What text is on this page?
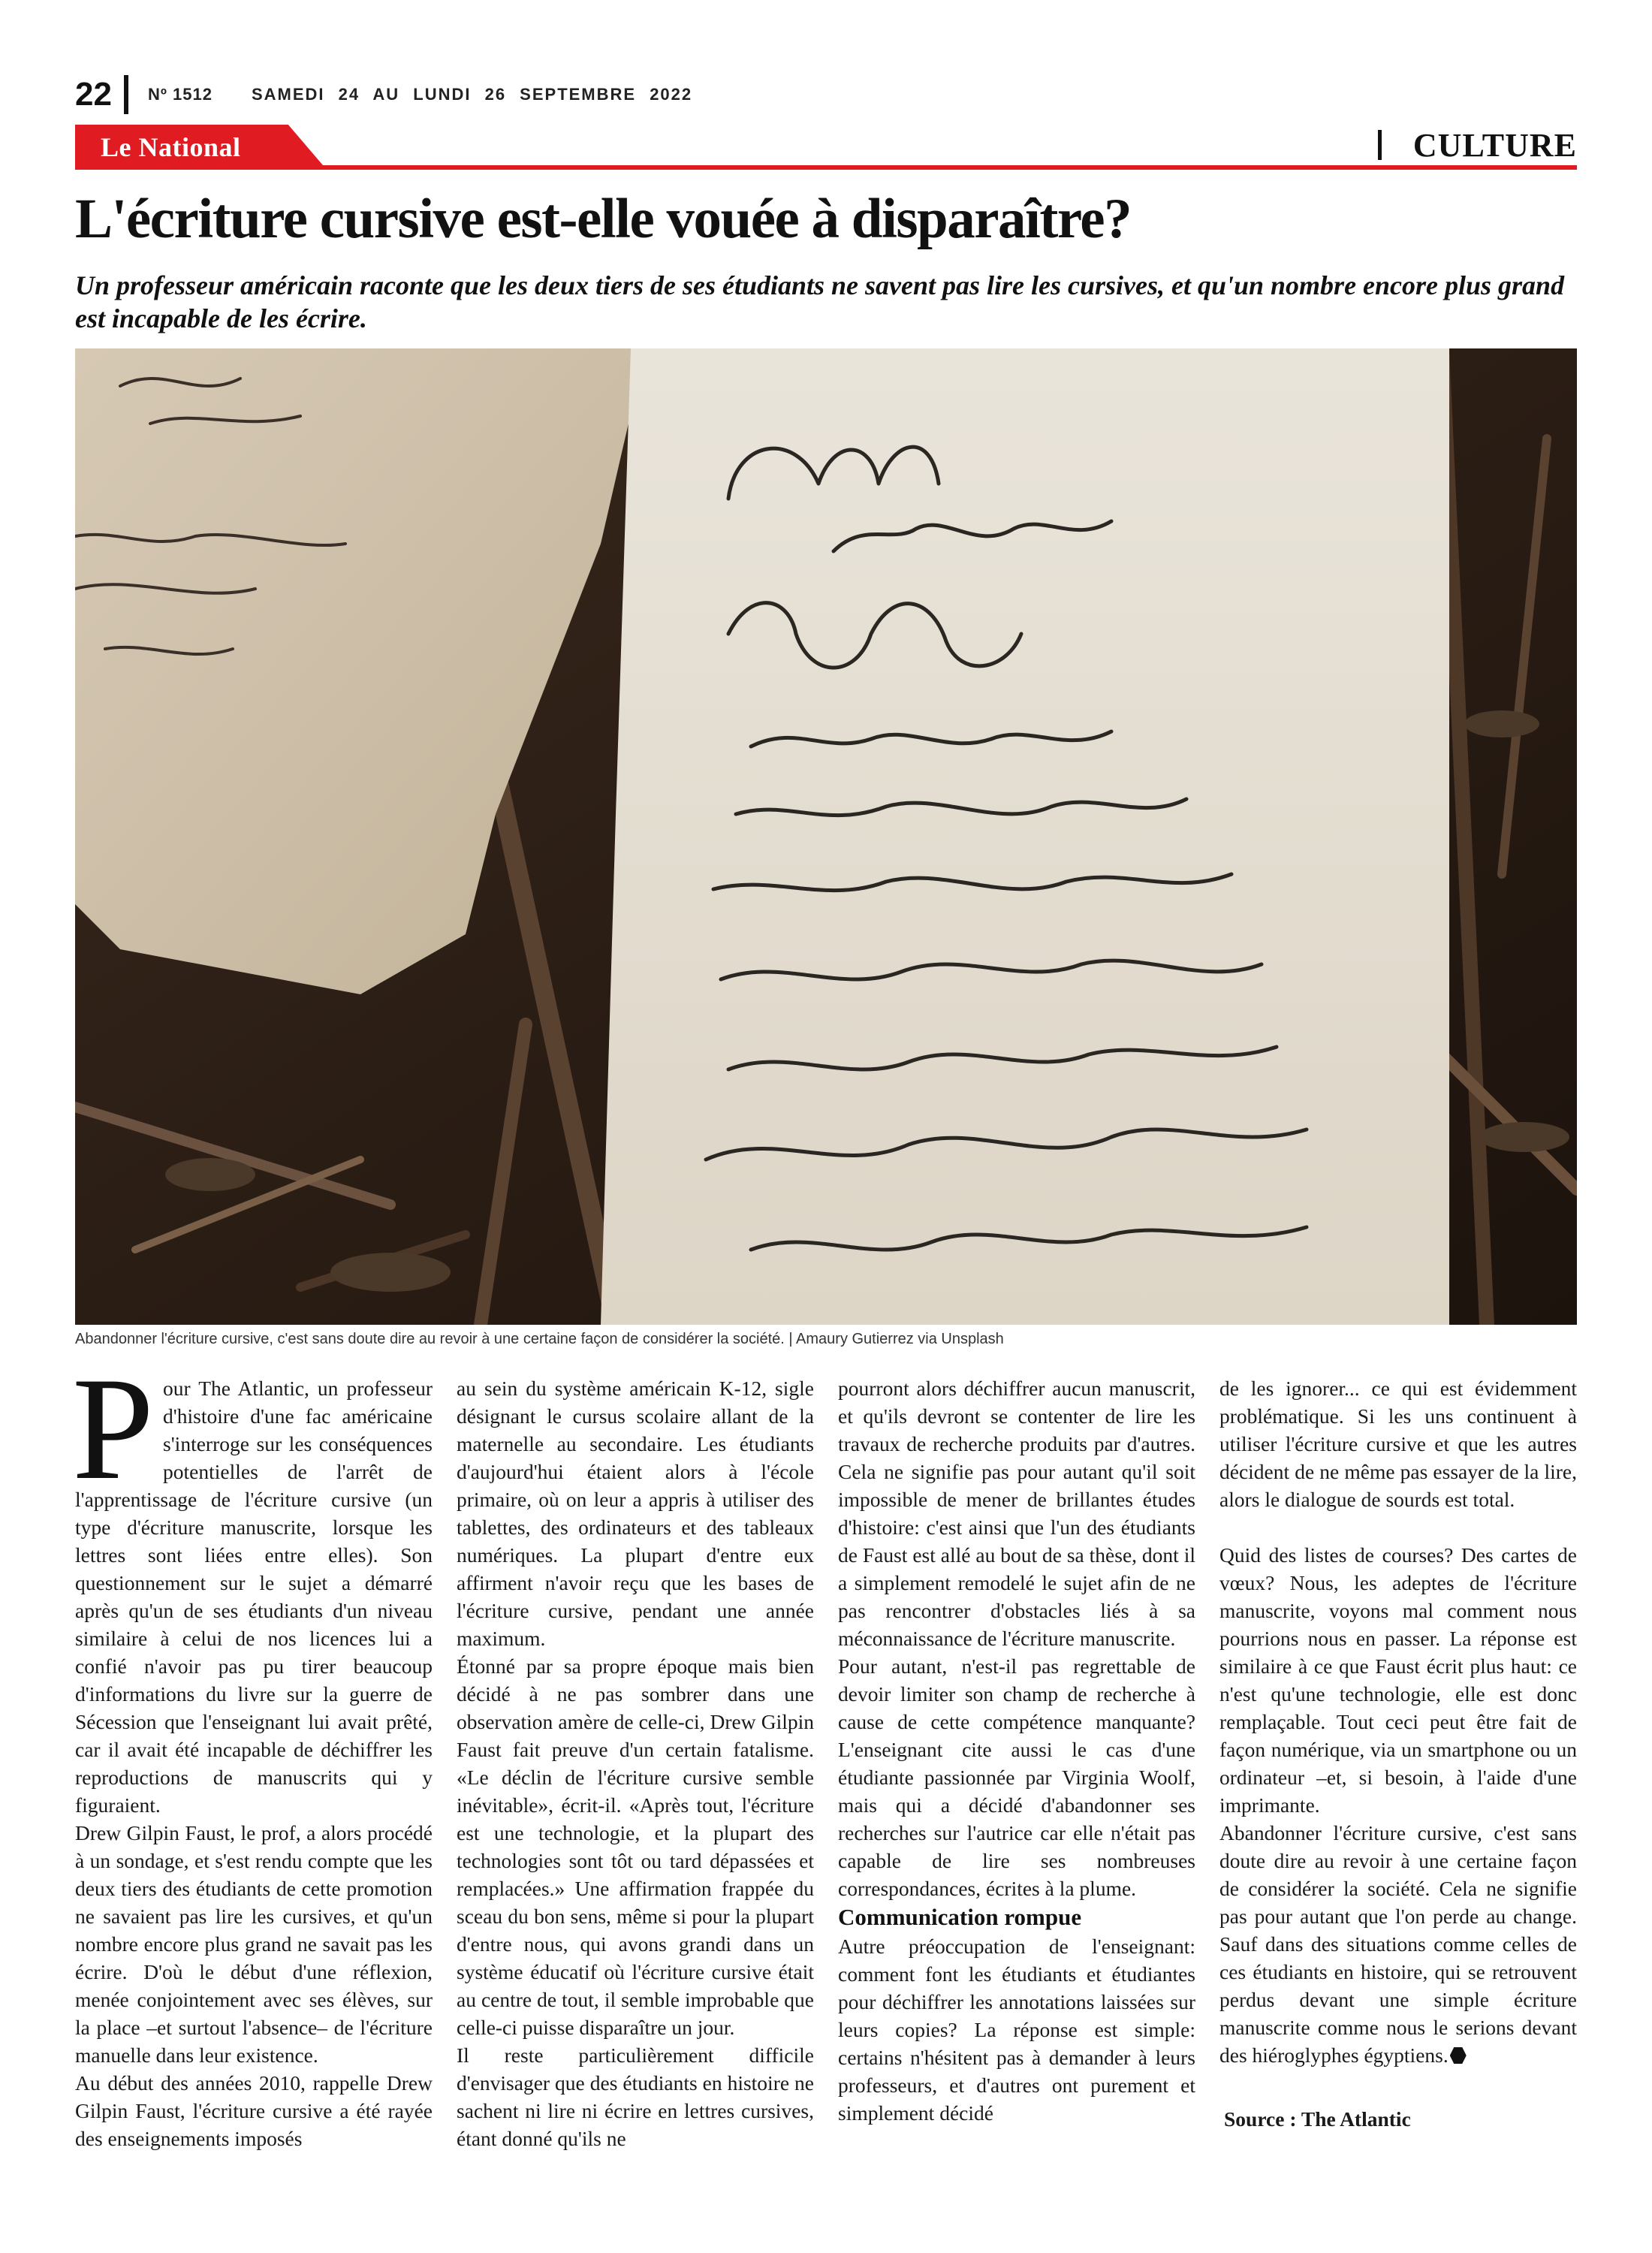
22 Nº 1512 SAMEDI 24 AU LUNDI 26 SEPTEMBRE 2022
Le National	CULTURE
L'écriture cursive est-elle vouée à disparaître?

Un professeur américain raconte que les deux tiers de ses étudiants ne savent pas lire les cursives, et qu'un nombre encore plus grand est incapable de les écrire.

Abandonner l'écriture cursive, c'est sans doute dire au revoir à une certaine façon de considérer la société. | Amaury Gutierrez via Unsplash
P our The Atlantic, un professeur d'histoire d'une fac américaine s'interroge sur les conséquences potentielles de l'arrêt de l'apprentissage de l'écriture cursive (un type d'écriture manuscrite, lorsque les lettres sont liées entre elles). Son questionnement sur le sujet a démarré après qu'un de ses étudiants d'un niveau similaire à celui de nos licences lui a confié n'avoir pas pu tirer beaucoup d'informations du livre sur la guerre de Sécession que l'enseignant lui avait prêté, car il avait été incapable de déchiffrer les reproductions de manuscrits qui y figuraient.

Drew Gilpin Faust, le prof, a alors procédé à un sondage, et s'est rendu compte que les deux tiers des étudiants de cette promotion ne savaient pas lire les cursives, et qu'un nombre encore plus grand ne savait pas les écrire. D'où le début d'une réflexion, menée conjointement avec ses élèves, sur la place –et surtout l'absence– de l'écriture manuelle dans leur existence.

Au début des années 2010, rappelle Drew Gilpin Faust, l'écriture cursive a été rayée des enseignements imposés

au sein du système américain K-12, sigle désignant le cursus scolaire allant de la maternelle au secondaire. Les étudiants d'aujourd'hui étaient alors à l'école primaire, où on leur a appris à utiliser des tablettes, des ordinateurs et des tableaux numériques. La plupart d'entre eux affirment n'avoir reçu que les bases de l'écriture cursive, pendant une année maximum.

Étonné par sa propre époque mais bien décidé à ne pas sombrer dans une observation amère de celle-ci, Drew Gilpin Faust fait preuve d'un certain fatalisme. «Le déclin de l'écriture cursive semble inévitable», écrit-il. «Après tout, l'écriture est une technologie, et la plupart des technologies sont tôt ou tard dépassées et remplacées.» Une affirmation frappée du sceau du bon sens, même si pour la plupart d'entre nous, qui avons grandi dans un système éducatif où l'écriture cursive était au centre de tout, il semble improbable que celle-ci puisse disparaître un jour.

Il reste particulièrement difficile d'envisager que des étudiants en histoire ne sachent ni lire ni écrire en lettres cursives, étant donné qu'ils ne

pourront alors déchiffrer aucun manuscrit, et qu'ils devront se contenter de lire les travaux de recherche produits par d'autres. Cela ne signifie pas pour autant qu'il soit impossible de mener de brillantes études d'histoire: c'est ainsi que l'un des étudiants de Faust est allé au bout de sa thèse, dont il a simplement remodelé le sujet afin de ne pas rencontrer d'obstacles liés à sa méconnaissance de l'écriture manuscrite.

Pour autant, n'est-il pas regrettable de devoir limiter son champ de recherche à cause de cette compétence manquante? L'enseignant cite aussi le cas d'une étudiante passionnée par Virginia Woolf, mais qui a décidé d'abandonner ses recherches sur l'autrice car elle n'était pas capable de lire ses nombreuses correspondances, écrites à la plume.

Communication rompue

Autre préoccupation de l'enseignant: comment font les étudiants et étudiantes pour déchiffrer les annotations laissées sur leurs copies? La réponse est simple: certains n'hésitent pas à demander à leurs professeurs, et d'autres ont purement et simplement décidé

de les ignorer... ce qui est évidemment problématique. Si les uns continuent à utiliser l'écriture cursive et que les autres décident de ne même pas essayer de la lire, alors le dialogue de sourds est total.

Quid des listes de courses? Des cartes de vœux? Nous, les adeptes de l'écriture manuscrite, voyons mal comment nous pourrions nous en passer. La réponse est similaire à ce que Faust écrit plus haut: ce n'est qu'une technologie, elle est donc remplaçable. Tout ceci peut être fait de façon numérique, via un smartphone ou un ordinateur –et, si besoin, à l'aide d'une imprimante.

Abandonner l'écriture cursive, c'est sans doute dire au revoir à une certaine façon de considérer la société. Cela ne signifie pas pour autant que l'on perde au change. Sauf dans des situations comme celles de ces étudiants en histoire, qui se retrouvent perdus devant une simple écriture manuscrite comme nous le serions devant des hiéroglyphes égyptiens.

Source : The Atlantic
